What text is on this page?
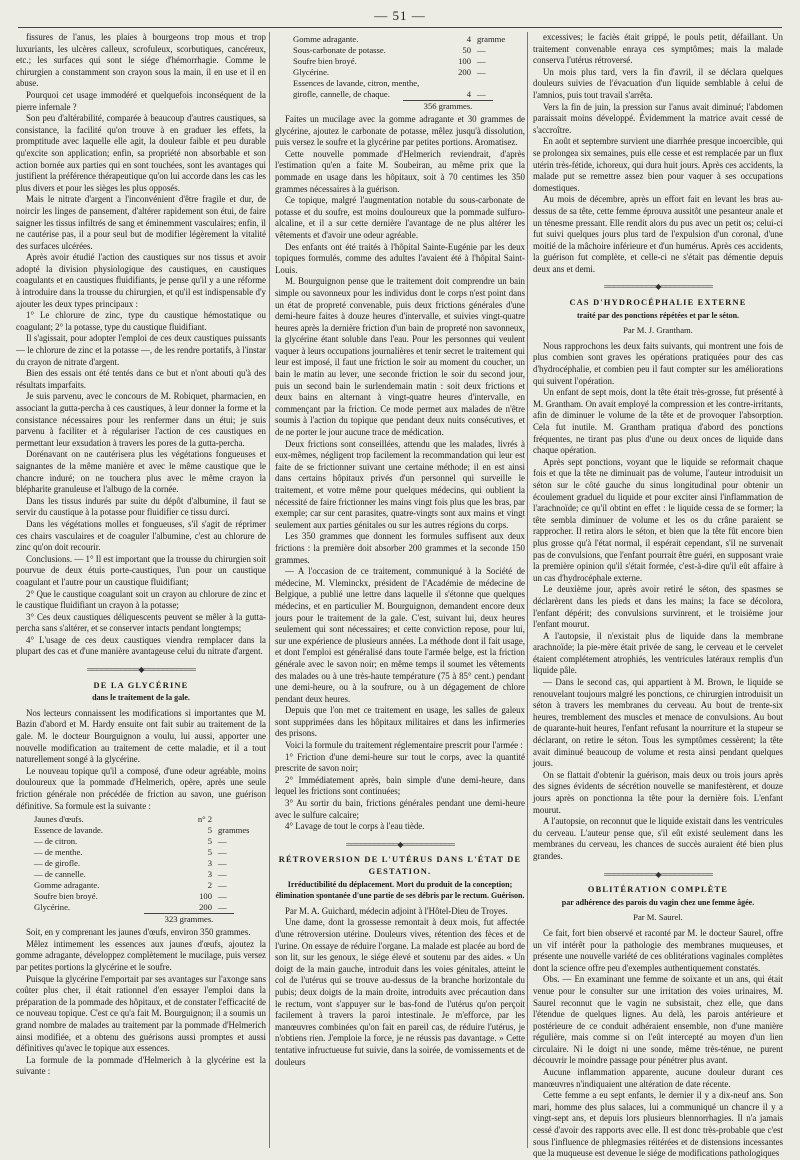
— 51 —

fissures de l'anus, les plaies à bourgeons trop mous et trop luxuriants, les ulcères calleux, scrofuleux, scorbutiques, cancéreux, etc.; les surfaces qui sont le siége d'hémorrhagie. Comme le chirurgien a constamment son crayon sous la main, il en use et il en abuse.

Pourquoi cet usage immodéré et quelquefois inconséquent de la pierre infernale ?

Son peu d'altérabilité, comparée à beaucoup d'autres caustiques, sa consistance, la facilité qu'on trouve à en graduer les effets, la promptitude avec laquelle elle agit, la douleur faible et peu durable qu'excite son application; enfin, sa propriété non absorbable et son action bornée aux parties qui en sont touchées, sont les avantages qui justifient la préférence thérapeutique qu'on lui accorde dans les cas les plus divers et pour les sièges les plus opposés.

Mais le nitrate d'argent a l'inconvénient d'être fragile et dur, de noircir les linges de pansement, d'altérer rapidement son étui, de faire saigner les tissus infiltrés de sang et éminemment vasculaires; enfin, il ne cautérise pas, il a pour seul but de modifier légèrement la vitalité des surfaces ulcérées.

Après avoir étudié l'action des caustiques sur nos tissus et avoir adopté la division physiologique des caustiques, en caustiques coagulants et en caustiques fluidifiants, je pense qu'il y a une réforme à introduire dans la trousse du chirurgien, et qu'il est indispensable d'y ajouter les deux types principaux :

1° Le chlorure de zinc, type du caustique hémostatique ou coagulant; 2° la potasse, type du caustique fluidifiant.

Il s'agissait, pour adopter l'emploi de ces deux caustiques puissants — le chlorure de zinc et la potasse —, de les rendre portatifs, à l'instar du crayon de nitrate d'argent.

Bien des essais ont été tentés dans ce but et n'ont abouti qu'à des résultats imparfaits.

Je suis parvenu, avec le concours de M. Robiquet, pharmacien, en associant la gutta-percha à ces caustiques, à leur donner la forme et la consistance nécessaires pour les renfermer dans un étui; je suis parvenu à faciliter et à régulariser l'action de ces caustiques en permettant leur exsudation à travers les pores de la gutta-percha.

Dorénavant on ne cautérisera plus les végétations fongueuses et saignantes de la même manière et avec le même caustique que le chancre induré; on ne touchera plus avec le même crayon la blépharite granuleuse et l'albugo de la cornée.

Dans les tissus indurés par suite du dépôt d'albumine, il faut se servir du caustique à la potasse pour fluidifier ce tissu durci.

Dans les végétations molles et fongueuses, s'il s'agit de réprimer ces chairs vasculaires et de coaguler l'albumine, c'est au chlorure de zinc qu'on doit recourir.

Conclusions. — 1° Il est important que la trousse du chirurgien soit pourvue de deux étuis porte-caustiques, l'un pour un caustique coagulant et l'autre pour un caustique fluidifiant;

2° Que le caustique coagulant soit un crayon au chlorure de zinc et le caustique fluidifiant un crayon à la potasse;

3° Ces deux caustiques déliquescents peuvent se mêler à la gutta-percha sans s'altérer, et se conserver intacts pendant longtemps;

4° L'usage de ces deux caustiques viendra remplacer dans la plupart des cas et d'une manière avantageuse celui du nitrate d'argent.

═══════════◆═══════════
DE LA GLYCÉRINE
dans le traitement de la gale.

Nos lecteurs connaissent les modifications si importantes que M. Bazin d'abord et M. Hardy ensuite ont fait subir au traitement de la gale. M. le docteur Bourguignon a voulu, lui aussi, apporter une nouvelle modification au traitement de cette maladie, et il a tout naturellement songé à la glycérine.

Le nouveau topique qu'il a composé, d'une odeur agréable, moins douloureux que la pommade d'Helmerich, opère, après une seule friction générale non précédée de friction au savon, une guérison définitive. Sa formule est la suivante :

Jaunes d'œufs.	n° 2
Essence de lavande.	5 grammes
— de citron.	5 —
— de menthe.	5 —
— de girofle.	3 —
— de cannelle.	3 —
Gomme adragante.	2 —
Soufre bien broyé.	100 —
Glycérine.	200 —
323 grammes.

Soit, en y comprenant les jaunes d'œufs, environ 350 grammes.

Mêlez intimement les essences aux jaunes d'œufs, ajoutez la gomme adragante, développez complètement le mucilage, puis versez par petites portions la glycérine et le soufre.

Puisque la glycérine l'emportait par ses avantages sur l'axonge sans coûter plus cher, il était rationnel d'en essayer l'emploi dans la préparation de la pommade des hôpitaux, et de constater l'efficacité de ce nouveau topique. C'est ce qu'a fait M. Bourguignon; il a soumis un grand nombre de malades au traitement par la pommade d'Helmerich ainsi modifiée, et a obtenu des guérisons aussi promptes et aussi définitives qu'avec le topique aux essences.

La formule de la pommade d'Helmerich à la glycérine est la suivante :

Gomme adragante.	4 gramme
Sous-carbonate de potasse.	50 —
Soufre bien broyé.	100 —
Glycérine.	200 —
Essences de lavande, citron, menthe,
girofle, cannelle, de chaque.	4 —
356 grammes.

Faites un mucilage avec la gomme adragante et 30 grammes de glycérine, ajoutez le carbonate de potasse, mêlez jusqu'à dissolution, puis versez le soufre et la glycérine par petites portions. Aromatisez.

Cette nouvelle pommade d'Helmerich reviendrait, d'après l'estimation qu'en a faite M. Soubeiran, au même prix que la pommade en usage dans les hôpitaux, soit à 70 centimes les 350 grammes nécessaires à la guérison.

Ce topique, malgré l'augmentation notable du sous-carbonate de potasse et du soufre, est moins douloureux que la pommade sulfuro-alcaline, et il a sur cette dernière l'avantage de ne plus altérer les vêtements et d'avoir une odeur agréable.

Des enfants ont été traités à l'hôpital Sainte-Eugénie par les deux topiques formulés, comme des adultes l'avaient été à l'hôpital Saint-Louis.

M. Bourguignon pense que le traitement doit comprendre un bain simple ou savonneux pour les individus dont le corps n'est point dans un état de propreté convenable, puis deux frictions générales d'une demi-heure faites à douze heures d'intervalle, et suivies vingt-quatre heures après la dernière friction d'un bain de propreté non savonneux, la glycérine étant soluble dans l'eau. Pour les personnes qui veulent vaquer à leurs occupations journalières et tenir secret le traitement qui leur est imposé, il faut une friction le soir au moment du coucher, un bain le matin au lever, une seconde friction le soir du second jour, puis un second bain le surlendemain matin : soit deux frictions et deux bains en alternant à vingt-quatre heures d'intervalle, en commençant par la friction. Ce mode permet aux malades de n'être soumis à l'action du topique que pendant deux nuits consécutives, et de ne porter le jour aucune trace de médication.

Deux frictions sont conseillées, attendu que les malades, livrés à eux-mêmes, négligent trop facilement la recommandation qui leur est faite de se frictionner suivant une certaine méthode; il en est ainsi dans certains hôpitaux privés d'un personnel qui surveille le traitement, et votre même pour quelques médecins, qui oublient la nécessité de faire frictionner les mains vingt fois plus que les bras, par exemple; car sur cent parasites, quatre-vingts sont aux mains et vingt seulement aux parties génitales ou sur les autres régions du corps.

Les 350 grammes que donnent les formules suffisent aux deux frictions : la première doit absorber 200 grammes et la seconde 150 grammes.

— A l'occasion de ce traitement, communiqué à la Société de médecine, M. Vleminckx, président de l'Académie de médecine de Belgique, a publié une lettre dans laquelle il s'étonne que quelques médecins, et en particulier M. Bourguignon, demandent encore deux jours pour le traitement de la gale. C'est, suivant lui, deux heures seulement qui sont nécessaires; et cette conviction repose, pour lui, sur une expérience de plusieurs années. La méthode dont il fait usage, et dont l'emploi est généralisé dans toute l'armée belge, est la friction générale avec le savon noir; en même temps il soumet les vêtements des malades ou à une très-haute température (75 à 85° cent.) pendant une demi-heure, ou à la soufrure, ou à un dégagement de chlore pendant deux heures.

Depuis que l'on met ce traitement en usage, les salles de galeux sont supprimées dans les hôpitaux militaires et dans les infirmeries des prisons.

Voici la formule du traitement réglementaire prescrit pour l'armée :

1° Friction d'une demi-heure sur tout le corps, avec la quantité prescrite de savon noir;

2° Immédiatement après, bain simple d'une demi-heure, dans lequel les frictions sont continuées;

3° Au sortir du bain, frictions générales pendant une demi-heure avec le sulfure calcaire;

4° Lavage de tout le corps à l'eau tiède.

═══════════◆═══════════
RÉTROVERSION DE L'UTÉRUS DANS L'ÉTAT DE GESTATION.
Irréductibilité du déplacement. Mort du produit de la conception; élimination spontanée d'une partie de ses débris par le rectum. Guérison.

Par M. A. Guichard, médecin adjoint à l'Hôtel-Dieu de Troyes.

Une dame, dont la grossesse remontait à deux mois, fut affectée d'une rétroversion utérine. Douleurs vives, rétention des fèces et de l'urine. On essaye de réduire l'organe. La malade est placée au bord de son lit, sur les genoux, le siége élevé et soutenu par des aides. « Un doigt de la main gauche, introduit dans les voies génitales, atteint le col de l'utérus qui se trouve au-dessus de la branche horizontale du pubis; deux doigts de la main droite, introduits avec précaution dans le rectum, vont s'appuyer sur le bas-fond de l'utérus qu'on perçoit facilement à travers la paroi intestinale. Je m'efforce, par les manœuvres combinées qu'on fait en pareil cas, de réduire l'utérus, je n'obtiens rien. J'emploie la force, je ne réussis pas davantage. » Cette tentative infructueuse fut suivie, dans la soirée, de vomissements et de douleurs

excessives; le faciès était grippé, le pouls petit, défaillant. Un traitement convenable enraya ces symptômes; mais la malade conserva l'utérus rétroversé.

Un mois plus tard, vers la fin d'avril, il se déclara quelques douleurs suivies de l'évacuation d'un liquide semblable à celui de l'amnios, puis tout travail s'arrêta.

Vers la fin de juin, la pression sur l'anus avait diminué; l'abdomen paraissait moins développé. Évidemment la matrice avait cessé de s'accroître.

En août et septembre survient une diarrhée presque incoercible, qui se prolongea six semaines, puis elle cesse et est remplacée par un flux utérin très-fétide, ichoreux, qui dura huit jours. Après ces accidents, la malade put se remettre assez bien pour vaquer à ses occupations domestiques.

Au mois de décembre, après un effort fait en levant les bras au-dessus de sa tête, cette femme éprouva aussitôt une pesanteur anale et un ténesme pressant. Elle rendit alors du pus avec un petit os; celui-ci fut suivi quelques jours plus tard de l'expulsion d'un coronal, d'une moitié de la mâchoire inférieure et d'un humérus. Après ces accidents, la guérison fut complète, et celle-ci ne s'était pas démentie depuis deux ans et demi.

═══════════◆═══════════
CAS D'HYDROCÉPHALIE EXTERNE
traité par des ponctions répétées et par le séton.
Par M. J. Grantham.

Nous rapprochons les deux faits suivants, qui montrent une fois de plus combien sont graves les opérations pratiquées pour des cas d'hydrocéphalie, et combien peu il faut compter sur les améliorations qui suivent l'opération.

Un enfant de sept mois, dont la tête était très-grosse, fut présenté à M. Grantham. On avait employé la compression et les contre-irritants, afin de diminuer le volume de la tête et de provoquer l'absorption. Cela fut inutile. M. Grantham pratiqua d'abord des ponctions fréquentes, ne tirant pas plus d'une ou deux onces de liquide dans chaque opération.

Après sept ponctions, voyant que le liquide se reformait chaque fois et que la tête ne diminuait pas de volume, l'auteur introduisit un séton sur le côté gauche du sinus longitudinal pour obtenir un écoulement graduel du liquide et pour exciter ainsi l'inflammation de l'arachnoïde; ce qu'il obtint en effet : le liquide cessa de se former; la tête sembla diminuer de volume et les os du crâne paraient se rapprocher. Il retira alors le séton, et bien que la tête fût encore bien plus grosse qu'à l'état normal, il espérait cependant, s'il ne survenait pas de convulsions, que l'enfant pourrait être guéri, en supposant vraie la première opinion qu'il s'était formée, c'est-à-dire qu'il eût affaire à un cas d'hydrocéphale externe.

Le deuxième jour, après avoir retiré le séton, des spasmes se déclarèrent dans les pieds et dans les mains; la face se décolora, l'enfant dépérit; des convulsions survinrent, et le troisième jour l'enfant mourut.

A l'autopsie, il n'existait plus de liquide dans la membrane arachnoïde; la pie-mère était privée de sang, le cerveau et le cervelet étaient complétement atrophiés, les ventricules latéraux remplis d'un liquide pâle.

— Dans le second cas, qui appartient à M. Brown, le liquide se renouvelant toujours malgré les ponctions, ce chirurgien introduisit un séton à travers les membranes du cerveau. Au bout de trente-six heures, tremblement des muscles et menace de convulsions. Au bout de quarante-huit heures, l'enfant refusant la nourriture et la stupeur se déclarant, on retire le séton. Tous les symptômes cessèrent; la tête avait diminué beaucoup de volume et resta ainsi pendant quelques jours.

On se flattait d'obtenir la guérison, mais deux ou trois jours après des signes évidents de sécrétion nouvelle se manifestèrent, et douze jours après on ponctionna la tête pour la dernière fois. L'enfant mourut.

A l'autopsie, on reconnut que le liquide existait dans les ventricules du cerveau. L'auteur pense que, s'il eût existé seulement dans les membranes du cerveau, les chances de succès auraient été bien plus grandes.

═══════════◆═══════════
OBLITÉRATION COMPLÈTE
par adhérence des parois du vagin chez une femme âgée.
Par M. Saurel.

Ce fait, fort bien observé et raconté par M. le docteur Saurel, offre un vif intérêt pour la pathologie des membranes muqueuses, et présente une nouvelle variété de ces oblitérations vaginales complètes dont la science offre peu d'exemples authentiquement constatés.

Obs. — En examinant une femme de soixante et un ans, qui était venue pour le consulter sur une irritation des voies urinaires, M. Saurel reconnut que le vagin ne subsistait, chez elle, que dans l'étendue de quelques lignes. Au delà, les parois antérieure et postérieure de ce conduit adhéraient ensemble, non d'une manière régulière, mais comme si on l'eût intercepté au moyen d'un lien circulaire. Ni le doigt ni une sonde, même très-ténue, ne purent découvrir le moindre passage pour pénétrer plus avant.

Aucune inflammation apparente, aucune douleur durant ces manœuvres n'indiquaient une altération de date récente.

Cette femme a eu sept enfants, le dernier il y a dix-neuf ans. Son mari, homme des plus salaces, lui a communiqué un chancre il y a vingt-sept ans, et depuis lors plusieurs blennorrhagies. Il n'a jamais cessé d'avoir des rapports avec elle. Il est donc très-probable que c'est sous l'influence de phlegmasies réitérées et de distensions incessantes que la muqueuse est devenue le siége de modifications pathologiques
